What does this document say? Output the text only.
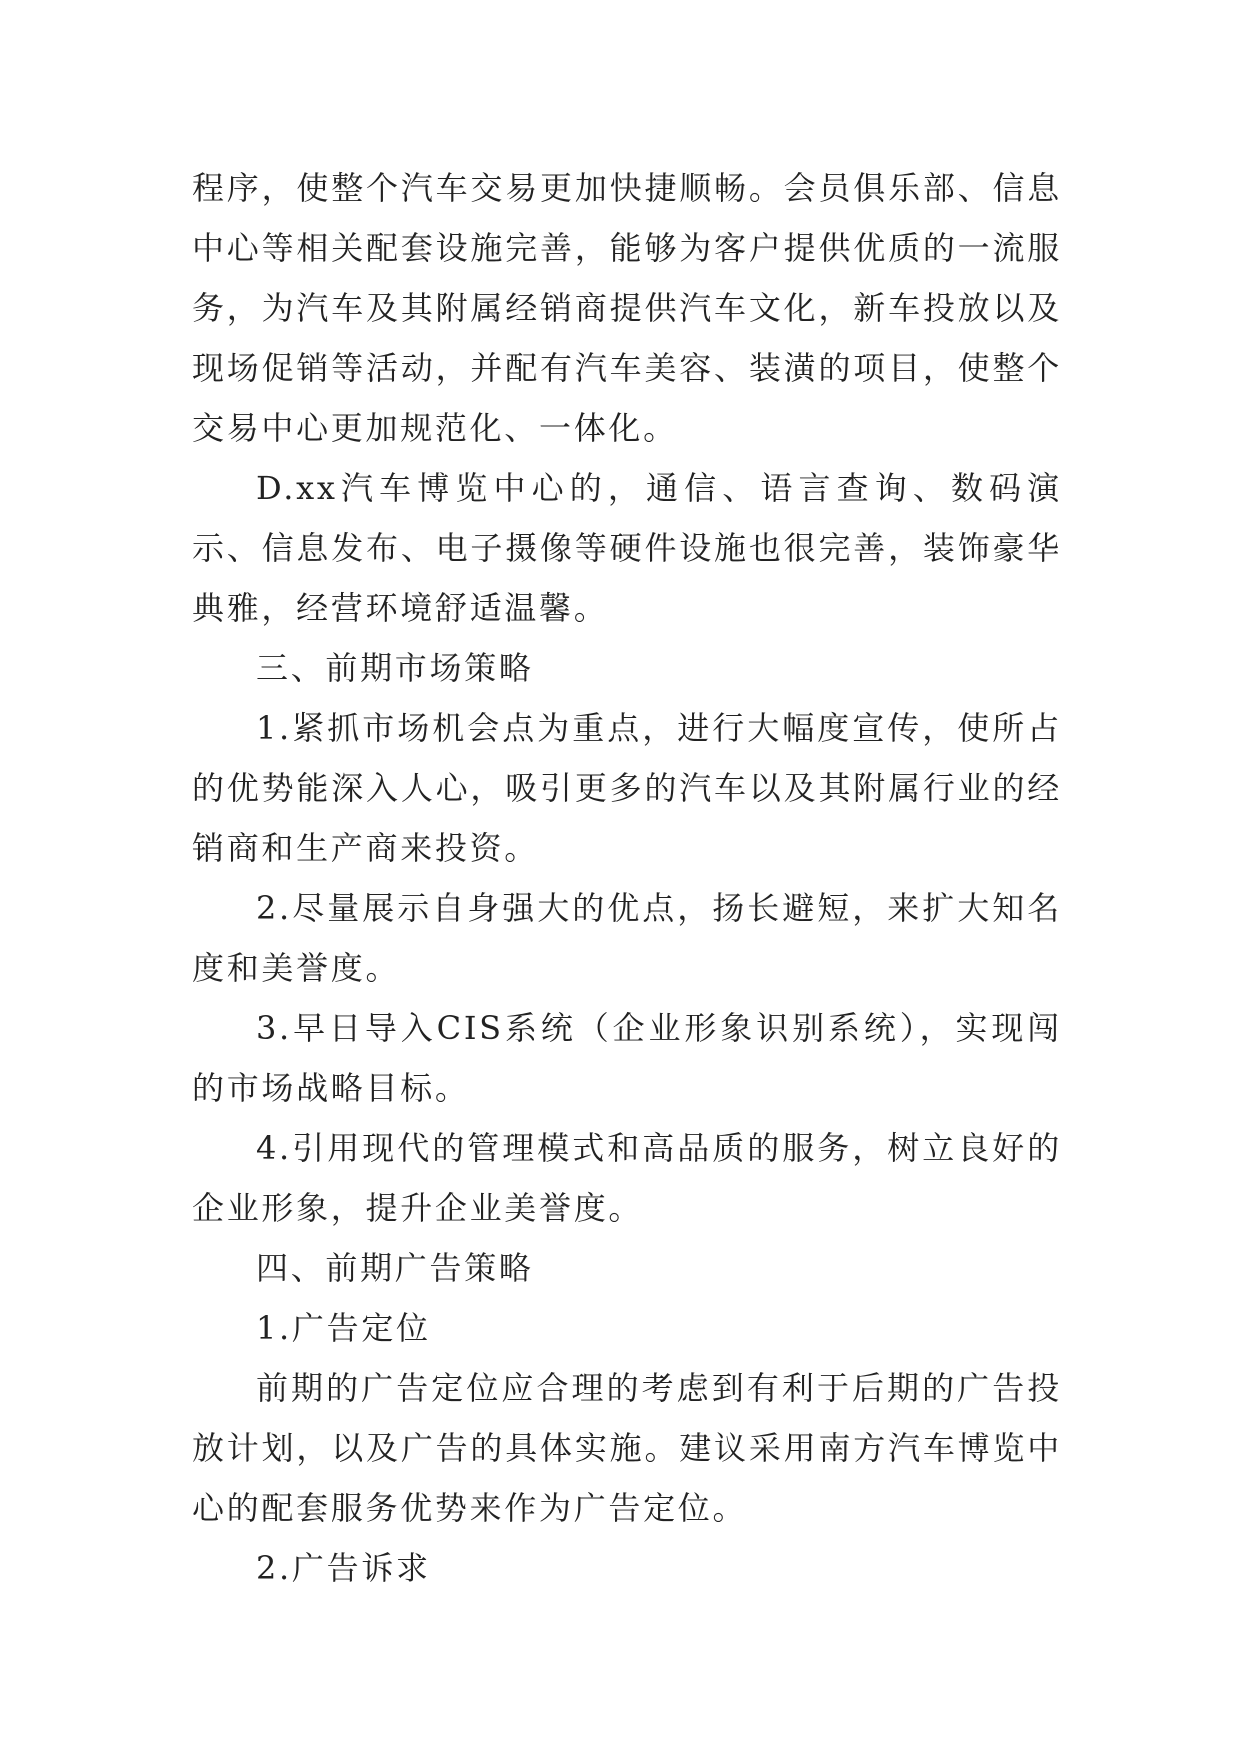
程序，使整个汽车交易更加快捷顺畅。会员俱乐部、信息中心等相关配套设施完善，能够为客户提供优质的一流服务，为汽车及其附属经销商提供汽车文化，新车投放以及现场促销等活动，并配有汽车美容、装潢的项目，使整个交易中心更加规范化、一体化。

D.xx汽车博览中心的，通信、语言查询、数码演示、信息发布、电子摄像等硬件设施也很完善，装饰豪华典雅，经营环境舒适温馨。

三、前期市场策略

1.紧抓市场机会点为重点，进行大幅度宣传，使所占的优势能深入人心，吸引更多的汽车以及其附属行业的经销商和生产商来投资。

2.尽量展示自身强大的优点，扬长避短，来扩大知名度和美誉度。

3.早日导入CIS系统（企业形象识别系统），实现闯的市场战略目标。

4.引用现代的管理模式和高品质的服务，树立良好的企业形象，提升企业美誉度。

四、前期广告策略

1.广告定位

前期的广告定位应合理的考虑到有利于后期的广告投放计划，以及广告的具体实施。建议采用南方汽车博览中心的配套服务优势来作为广告定位。

2.广告诉求
